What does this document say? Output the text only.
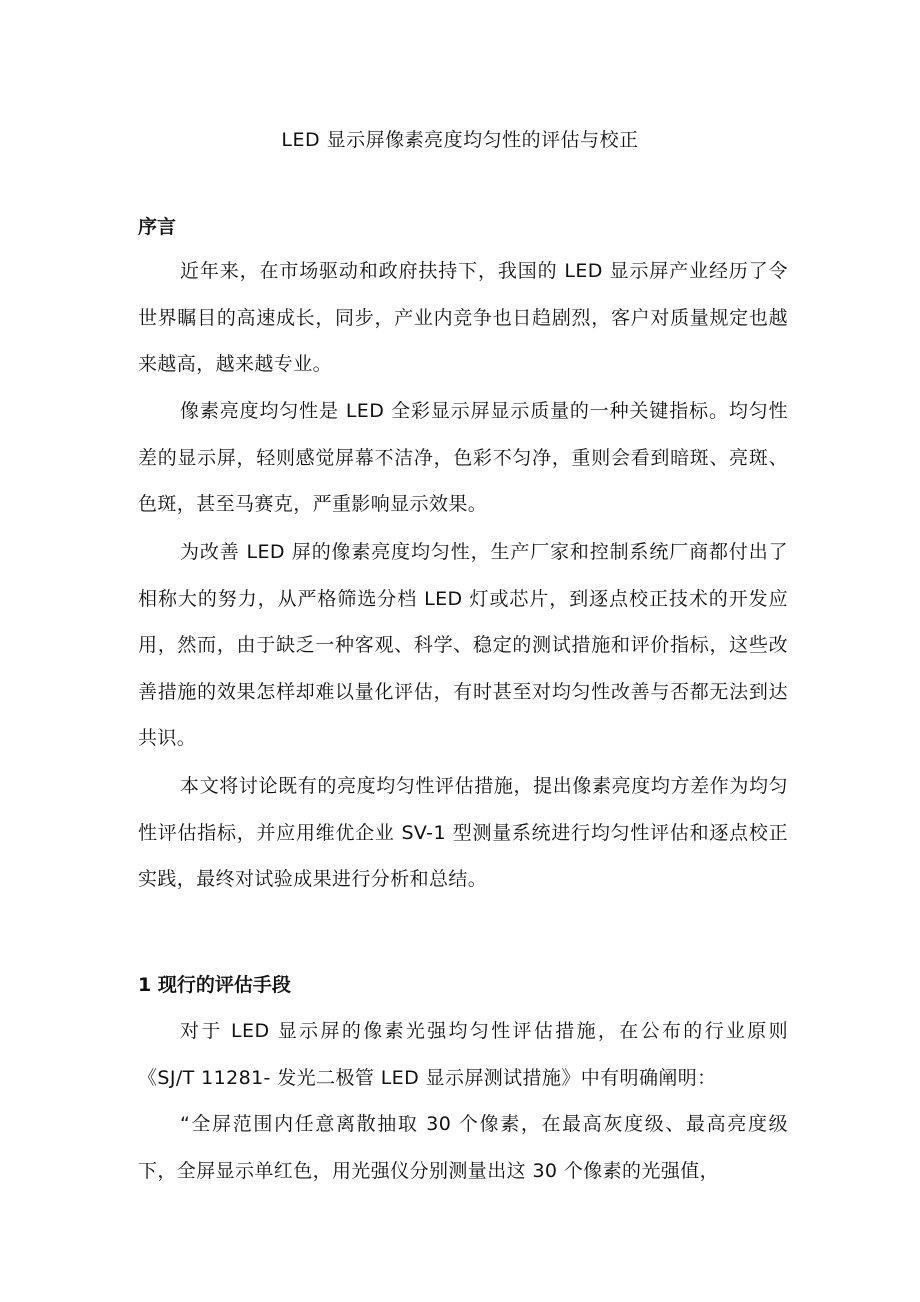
LED 显示屏像素亮度均匀性的评估与校正
序言
近年来，在市场驱动和政府扶持下，我国的 LED 显示屏产业经历了令世界瞩目的高速成长，同步，产业内竞争也日趋剧烈，客户对质量规定也越来越高，越来越专业。
像素亮度均匀性是 LED 全彩显示屏显示质量的一种关键指标。均匀性差的显示屏，轻则感觉屏幕不洁净，色彩不匀净，重则会看到暗斑、亮斑、色斑，甚至马赛克，严重影响显示效果。
为改善 LED 屏的像素亮度均匀性，生产厂家和控制系统厂商都付出了相称大的努力，从严格筛选分档 LED 灯或芯片，到逐点校正技术的开发应用，然而，由于缺乏一种客观、科学、稳定的测试措施和评价指标，这些改善措施的效果怎样却难以量化评估，有时甚至对均匀性改善与否都无法到达共识。
本文将讨论既有的亮度均匀性评估措施，提出像素亮度均方差作为均匀性评估指标，并应用维优企业 SV-1 型测量系统进行均匀性评估和逐点校正实践，最终对试验成果进行分析和总结。
1 现行的评估手段
对于 LED 显示屏的像素光强均匀性评估措施，在公布的行业原则《SJ/T 11281- 发光二极管 LED 显示屏测试措施》中有明确阐明：
“全屏范围内任意离散抽取 30 个像素，在最高灰度级、最高亮度级下，全屏显示单红色，用光强仪分别测量出这 30 个像素的光强值，
